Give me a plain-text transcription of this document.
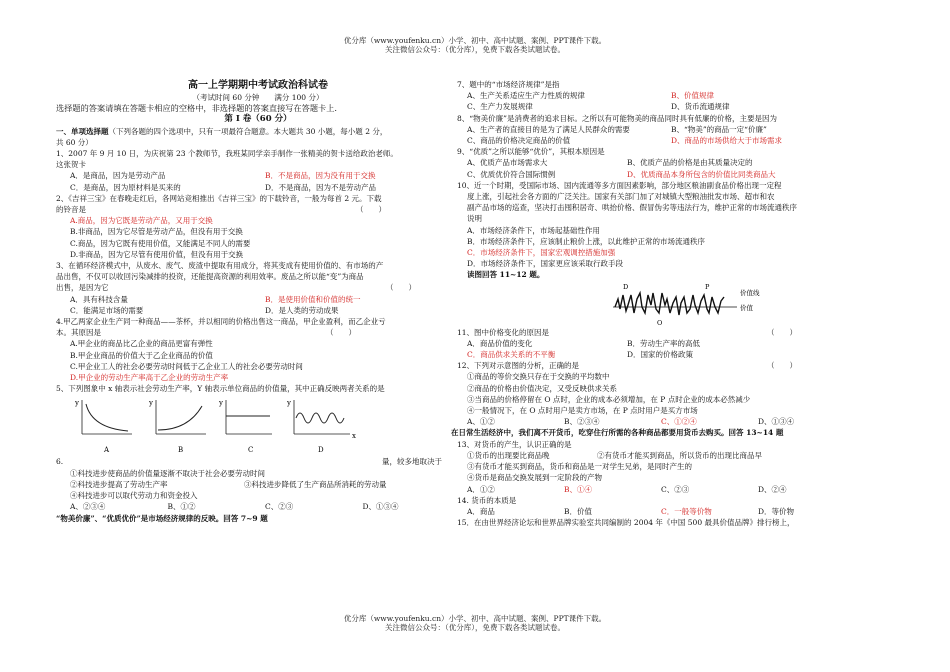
优分库（www.youfenku.cn）小学、初中、高中试题、案例、PPT课件下载。
关注微信公众号：（优分库），免费下载各类试题试卷。
高一上学期期中考试政治科试卷
（考试时间 60 分钟　　满分 100 分）
选择题的答案请填在答题卡相应的空格中，非选择题的答案直接写在答题卡上.
第 I 卷（60 分）
一、单项选择题（下列各题的四个选项中，只有一项最符合题意。本大题共 30 小题，每小题 2 分，
共 60 分）
1、2007 年 9 月 10 日，为庆祝第 23 个教师节，我班某同学亲手制作一张精美的贺卡送给政治老师。
这张贺卡
A．是商品，因为是劳动产品	B．不是商品，因为没有用于交换
C．是商品，因为原材料是买来的	D．不是商品，因为不是劳动产品
2、《吉祥三宝》在春晚走红后，各网站竞相推出《吉祥三宝》的下载铃音，一般为每首 2 元。下载
的铃音是	（　　）
A.商品，因为它既是劳动产品，又用于交换
B.非商品，因为它尽管是劳动产品，但没有用于交换
C.商品，因为它既有使用价值，又能满足不同人的需要
D.非商品，因为它尽管有使用价值，但没有用于交换
3、在循环经济模式中，从废水、废气、废渣中提取有用成分，将其变成有使用价值的、有市场的产
品出售，不仅可以收回污染减排的投资，还能提高资源的利用效率。废品之所以能“变”为商品
出售，是因为它	（　　）
A．具有科技含量	B．是使用价值和价值的统一
C．能满足市场的需要	D．是人类的劳动成果
4.甲乙两家企业生产同一种商品——茶杯，并以相同的价格出售这一商品，甲企业盈利，而乙企业亏
本。其原因是	（　　）
A.甲企业的商品比乙企业的商品更富有弹性
B.甲企业商品的价值大于乙企业商品的价值
C.甲企业工人的社会必要劳动时间低于乙企业工人的社会必要劳动时间
D.甲企业的劳动生产率高于乙企业的劳动生产率
5、下列图象中 x 轴表示社会劳动生产率，Y 轴表示单位商品的价值量，其中正确反映两者关系的是
y
A
y
B
y
C
y
x
D
6.	量，较多地取决于
①科技进步使商品的价值量逐渐不取决于社会必要劳动时间
②科技进步提高了劳动生产率	③科技进步降低了生产商品所消耗的劳动量
④科技进步可以取代劳动力和资金投入
A、②③④	B、①②	C、②③	D、①③④
“物美价廉”、“优质优价”是市场经济规律的反映。回答 7~9 题
7、题中的“市场经济规律”是指
A、生产关系适应生产力性质的规律	B、价值规律
C、生产力发展规律	D、货币流通规律
8、“物美价廉”是消费者的追求目标。之所以有可能物美的商品同时具有低廉的价格，主要是因为
A、生产者的直接目的是为了满足人民群众的需要	B、“物美”的商品一定“价廉”
C、商品的价格决定商品的价值	D、商品的市场供给大于市场需求
9、“优质”之所以能够“优价”，其根本原因是
A、优质产品市场需求大	B、优质产品的价格是由其质量决定的
C、优质优价符合国际惯例	D、优质商品本身所包含的价值比同类商品大
10、近一个时期，受国际市场、国内流通等多方面因素影响，部分地区粮油副食品价格出现一定程
度上涨，引起社会各方面的广泛关注。国家有关部门加了对城镇大型粮油批发市场、超市和农
副产品市场的巡查，坚决打击囤积居奇、哄抬价格、假冒伪劣等违法行为，维护正常的市场流通秩序
说明
A．市场经济条件下，市场起基础性作用
B．市场经济条件下，应该制止粮价上涨，以此维护正常的市场流通秩序
C．市场经济条件下，国家宏观调控措施加强
D．市场经济条件下，国家更应该采取行政手段
读图回答 11~12 题。
D
O
P
价值线
价值
11、图中价格变化的原因是	（　　）
A．商品价值的变化	B．劳动生产率的高低
C．商品供求关系的不平衡	D．国家的价格政策
12、下列对示意图的分析，正确的是	（　　）
①商品的等价交换只存在于交换的平均数中
②商品的价格由价值决定，又受反映供求关系
③当商品的价格停留在 O 点时，企业的成本必须增加，在 P 点时企业的成本必然减少
④一般情况下，在 O 点时用户是卖方市场，在 P 点时用户是买方市场
A、①②	B、②③④	C、①②④	D、①③④
在日常生活经济中，我们离不开货币，吃穿住行所需的各种商品都要用货币去购买。回答 13~14 题
13、对货币的产生，认识正确的是
①货币的出现要比商品晚	②有货币才能买到商品，所以货币的出现比商品早
③有货币才能买到商品，货币和商品是一对学生兄弟，是同时产生的
④货币是商品交换发展到一定阶段的产物
A．①②	B、①④	C、②③	D、②④
14. 货币的本质是
A．商品	B．价值	C．一般等价物	D．等价物
15．在由世界经济论坛和世界品牌实验室共同编制的 2004 年《中国 500 最具价值品牌》排行榜上，
优分库（www.youfenku.cn）小学、初中、高中试题、案例、PPT课件下载。
关注微信公众号：（优分库），免费下载各类试题试卷。
